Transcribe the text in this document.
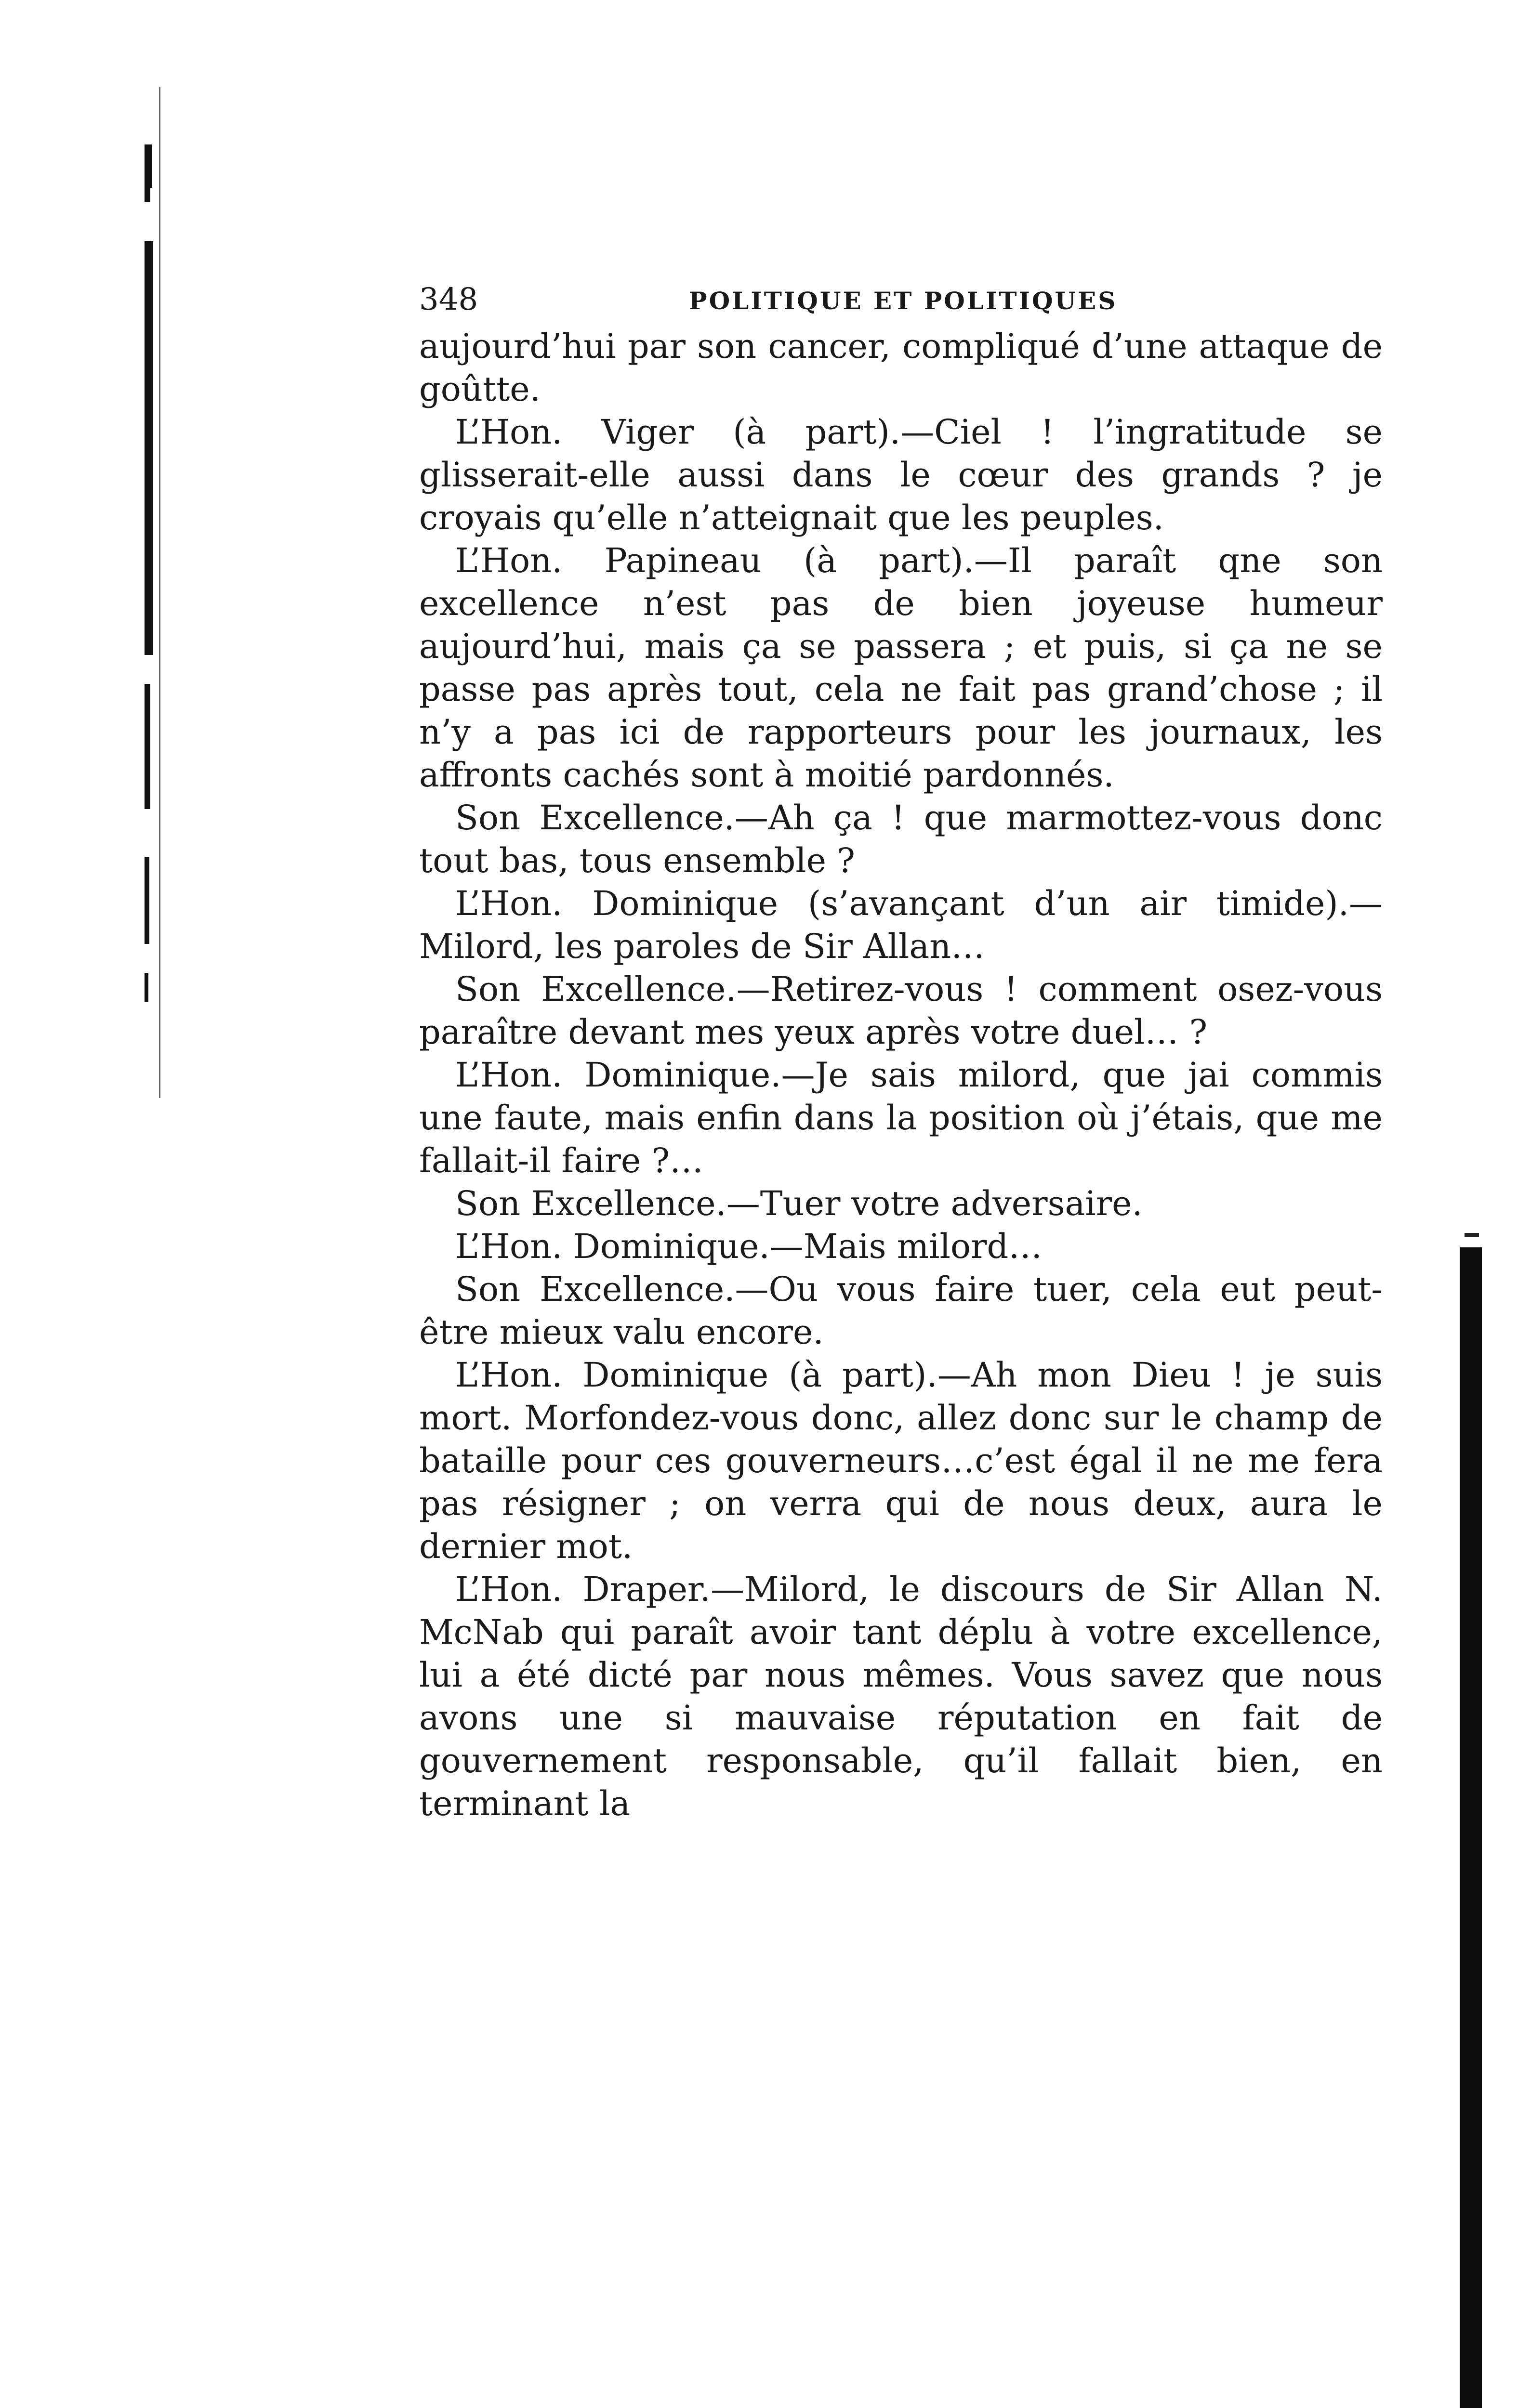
348	POLITIQUE ET POLITIQUES

aujourd’hui par son cancer, compliqué d’une attaque de goûtte.

L’Hon. Viger (à part).—Ciel ! l’ingratitude se glisserait-elle aussi dans le cœur des grands ? je croyais qu’elle n’atteignait que les peuples.

L’Hon. Papineau (à part).—Il paraît qne son excellence n’est pas de bien joyeuse humeur aujourd’hui, mais ça se passera ; et puis, si ça ne se passe pas après tout, cela ne fait pas grand’chose ; il n’y a pas ici de rapporteurs pour les journaux, les affronts cachés sont à moitié pardonnés.

Son Excellence.—Ah ça ! que marmottez-vous donc tout bas, tous ensemble ?

L’Hon. Dominique (s’avançant d’un air timide).—Milord, les paroles de Sir Allan…

Son Excellence.—Retirez-vous ! comment osez-vous paraître devant mes yeux après votre duel… ?

L’Hon. Dominique.—Je sais milord, que jai commis une faute, mais enfin dans la position où j’étais, que me fallait-il faire ?…

Son Excellence.—Tuer votre adversaire.

L’Hon. Dominique.—Mais milord…

Son Excellence.—Ou vous faire tuer, cela eut peut-être mieux valu encore.

L’Hon. Dominique (à part).—Ah mon Dieu ! je suis mort. Morfondez-vous donc, allez donc sur le champ de bataille pour ces gouverneurs…c’est égal il ne me fera pas résigner ; on verra qui de nous deux, aura le dernier mot.

L’Hon. Draper.—Milord, le discours de Sir Allan N. McNab qui paraît avoir tant déplu à votre excellence, lui a été dicté par nous mêmes. Vous savez que nous avons une si mauvaise réputation en fait de gouvernement responsable, qu’il fallait bien, en terminant la
